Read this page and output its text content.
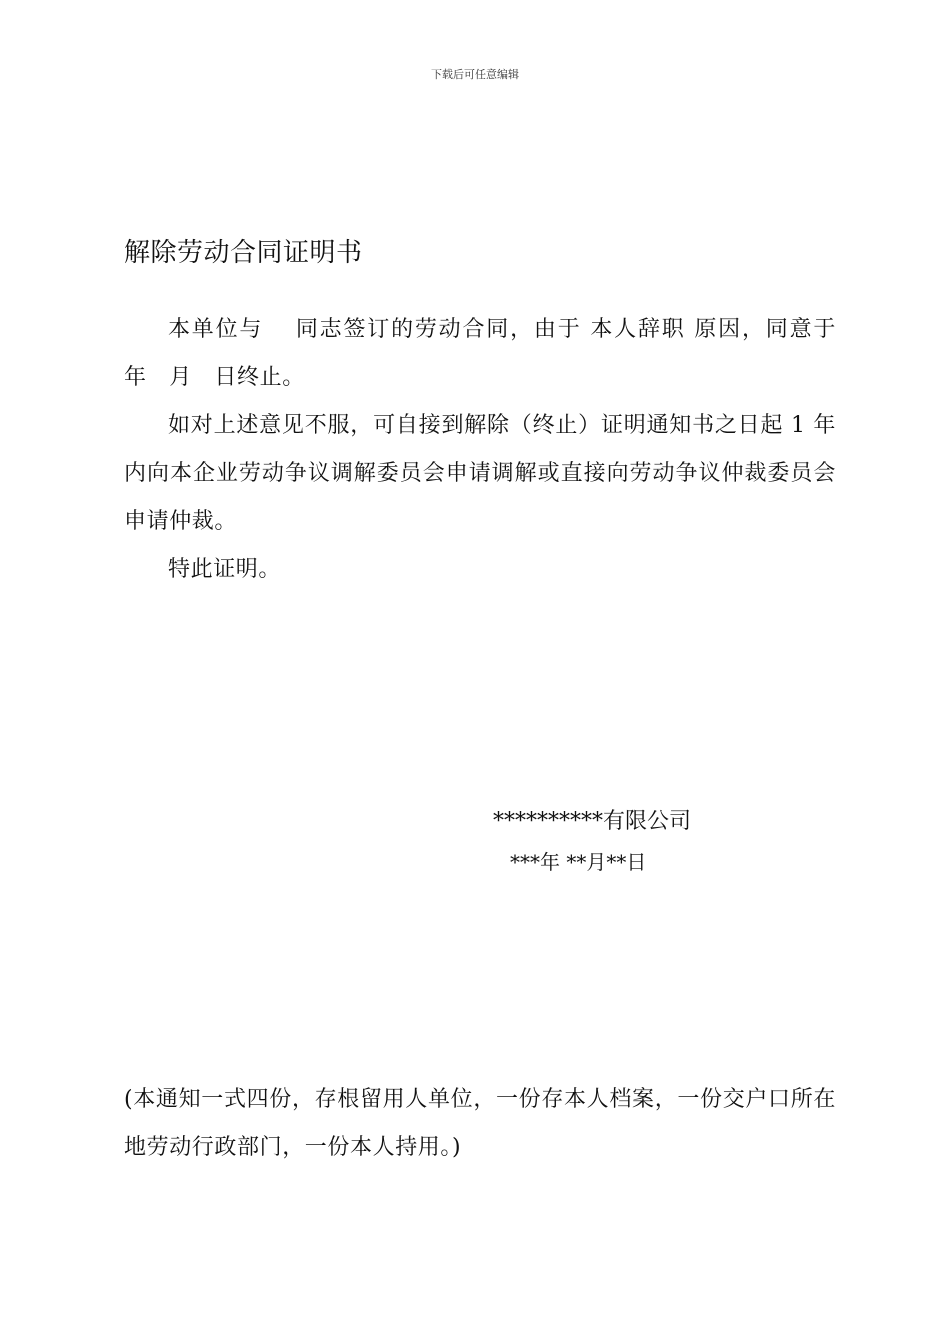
下载后可任意编辑
解除劳动合同证明书

本单位与　 同志签订的劳动合同，由于 本人辞职 原因，同意于　年　月　日终止。

如对上述意见不服，可自接到解除（终止）证明通知书之日起 1 年内向本企业劳动争议调解委员会申请调解或直接向劳动争议仲裁委员会申请仲裁。

特此证明。

**********有限公司
***年 **月**日
(本通知一式四份，存根留用人单位，一份存本人档案，一份交户口所在地劳动行政部门，一份本人持用。)
